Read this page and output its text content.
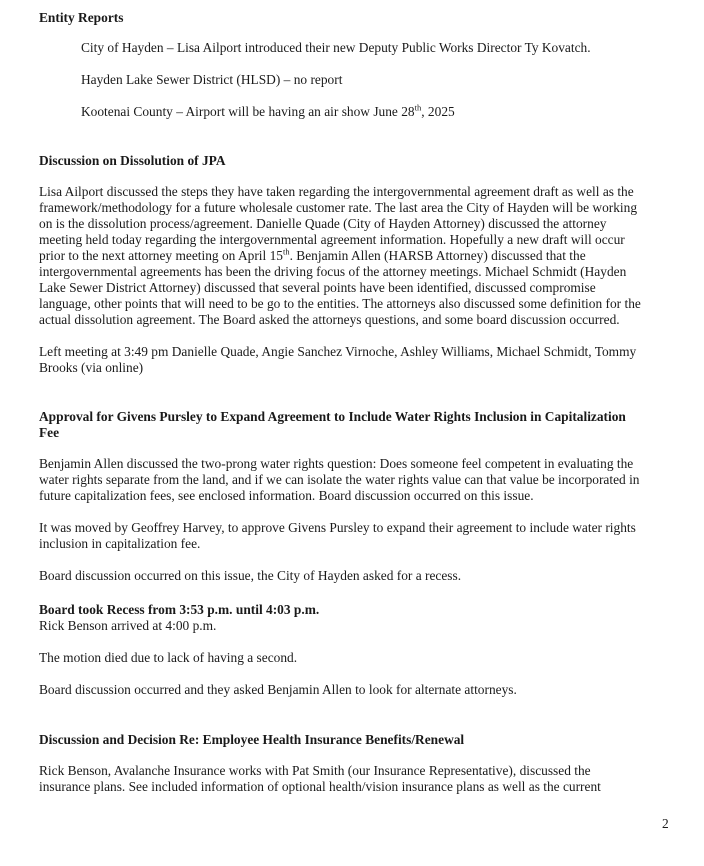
Entity Reports
City of Hayden – Lisa Ailport introduced their new Deputy Public Works Director Ty Kovatch.
Hayden Lake Sewer District (HLSD) – no report
Kootenai County – Airport will be having an air show June 28th, 2025
Discussion on Dissolution of JPA
Lisa Ailport discussed the steps they have taken regarding the intergovernmental agreement draft as well as the
framework/methodology for a future wholesale customer rate. The last area the City of Hayden will be working
on is the dissolution process/agreement. Danielle Quade (City of Hayden Attorney) discussed the attorney
meeting held today regarding the intergovernmental agreement information. Hopefully a new draft will occur
prior to the next attorney meeting on April 15th. Benjamin Allen (HARSB Attorney) discussed that the
intergovernmental agreements has been the driving focus of the attorney meetings. Michael Schmidt (Hayden
Lake Sewer District Attorney) discussed that several points have been identified, discussed compromise
language, other points that will need to be go to the entities. The attorneys also discussed some definition for the
actual dissolution agreement. The Board asked the attorneys questions, and some board discussion occurred.
Left meeting at 3:49 pm Danielle Quade, Angie Sanchez Virnoche, Ashley Williams, Michael Schmidt, Tommy
Brooks (via online)
Approval for Givens Pursley to Expand Agreement to Include Water Rights Inclusion in Capitalization
Fee
Benjamin Allen discussed the two-prong water rights question: Does someone feel competent in evaluating the
water rights separate from the land, and if we can isolate the water rights value can that value be incorporated in
future capitalization fees, see enclosed information. Board discussion occurred on this issue.
It was moved by Geoffrey Harvey, to approve Givens Pursley to expand their agreement to include water rights
inclusion in capitalization fee.
Board discussion occurred on this issue, the City of Hayden asked for a recess.
Board took Recess from 3:53 p.m. until 4:03 p.m.
Rick Benson arrived at 4:00 p.m.
The motion died due to lack of having a second.
Board discussion occurred and they asked Benjamin Allen to look for alternate attorneys.
Discussion and Decision Re: Employee Health Insurance Benefits/Renewal
Rick Benson, Avalanche Insurance works with Pat Smith (our Insurance Representative), discussed the
insurance plans. See included information of optional health/vision insurance plans as well as the current
2
